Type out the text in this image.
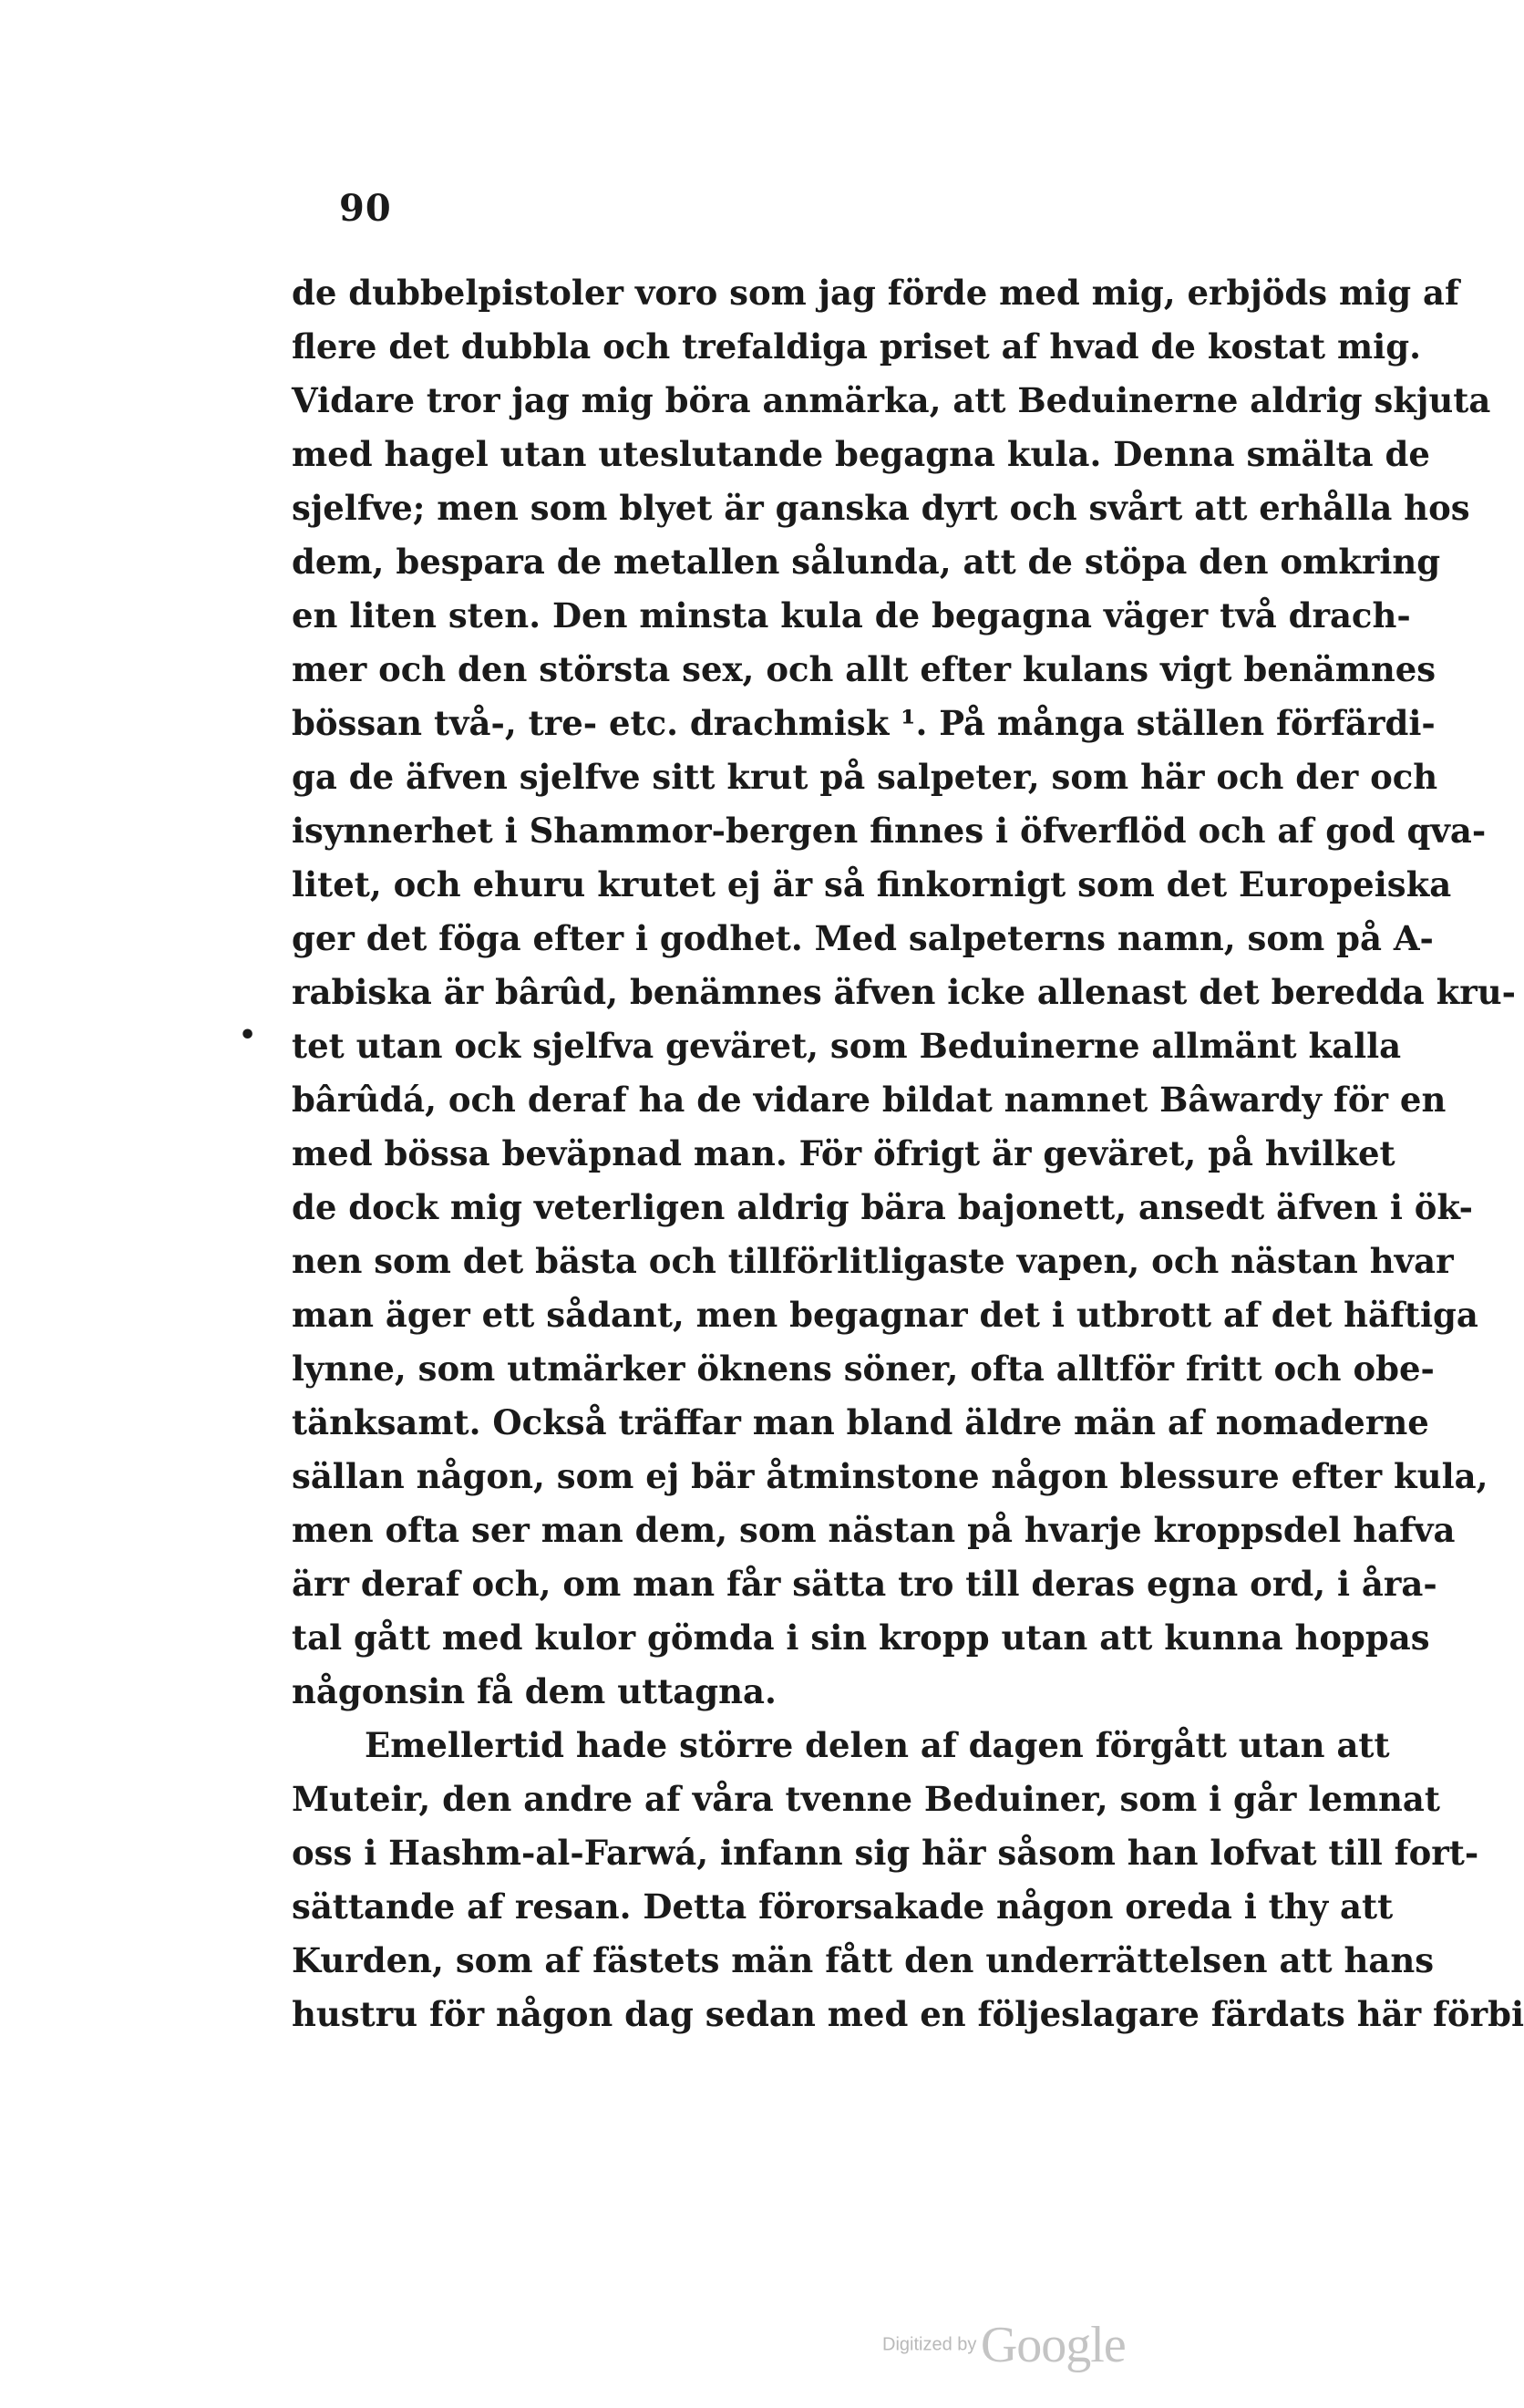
90
•
de dubbelpistoler voro som jag förde med mig, erbjöds mig af
flere det dubbla och trefaldiga priset af hvad de kostat mig.
Vidare tror jag mig böra anmärka, att Beduinerne aldrig skjuta
med hagel utan uteslutande begagna kula. Denna smälta de
sjelfve; men som blyet är ganska dyrt och svårt att erhålla hos
dem, bespara de metallen sålunda, att de stöpa den omkring
en liten sten. Den minsta kula de begagna väger två drach-
mer och den största sex, och allt efter kulans vigt benämnes
bössan två-, tre- etc. drachmisk ¹. På många ställen förfärdi-
ga de äfven sjelfve sitt krut på salpeter, som här och der och
isynnerhet i Shammor-bergen finnes i öfverflöd och af god qva-
litet, och ehuru krutet ej är så finkornigt som det Europeiska
ger det föga efter i godhet. Med salpeterns namn, som på A-
rabiska är bârûd, benämnes äfven icke allenast det beredda kru-
tet utan ock sjelfva geväret, som Beduinerne allmänt kalla
bârûdá, och deraf ha de vidare bildat namnet Bâwardy för en
med bössa beväpnad man. För öfrigt är geväret, på hvilket
de dock mig veterligen aldrig bära bajonett, ansedt äfven i ök-
nen som det bästa och tillförlitligaste vapen, och nästan hvar
man äger ett sådant, men begagnar det i utbrott af det häftiga
lynne, som utmärker öknens söner, ofta alltför fritt och obe-
tänksamt. Också träffar man bland äldre män af nomaderne
sällan någon, som ej bär åtminstone någon blessure efter kula,
men ofta ser man dem, som nästan på hvarje kroppsdel hafva
ärr deraf och, om man får sätta tro till deras egna ord, i åra-
tal gått med kulor gömda i sin kropp utan att kunna hoppas
någonsin få dem uttagna.
Emellertid hade större delen af dagen förgått utan att
Muteir, den andre af våra tvenne Beduiner, som i går lemnat
oss i Hashm-al-Farwá, infann sig här såsom han lofvat till fort-
sättande af resan. Detta förorsakade någon oreda i thy att
Kurden, som af fästets män fått den underrättelsen att hans
hustru för någon dag sedan med en följeslagare färdats här förbi
Digitized by Google
